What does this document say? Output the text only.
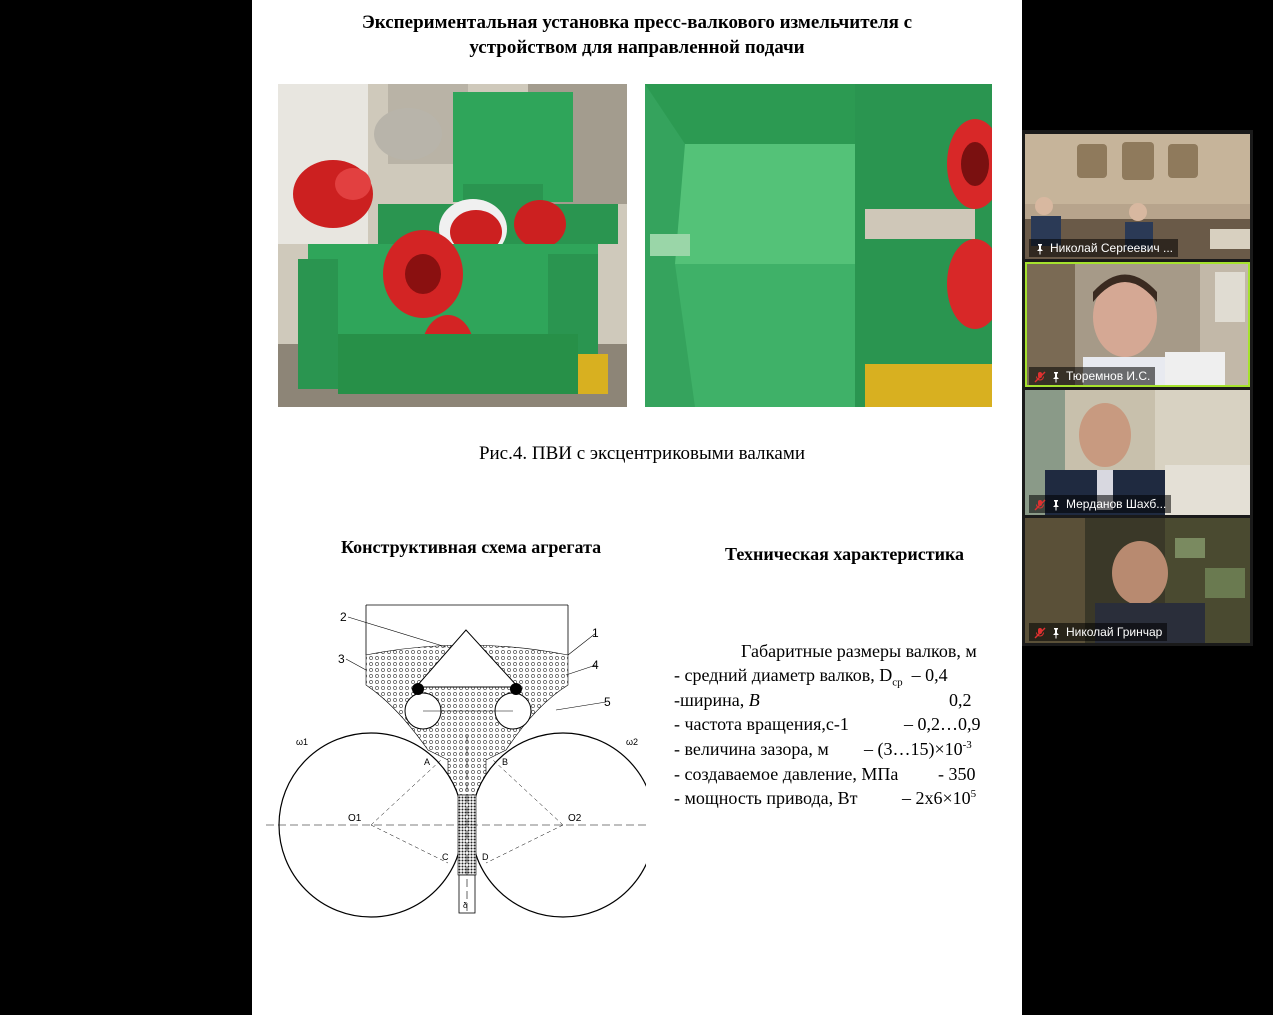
Экспериментальная установка пресс-валкового измельчителя с
устройством для направленной подачи
Рис.4. ПВИ с эксцентриковыми валками
Конструктивная схема агрегата	Техническая характеристика
2
1
3	4
5
O1	O2
ω1	ω2
A	B
C	D
δ
Габаритные размеры валков, м
- средний диаметр валков, $D_{ср} - 0,4$
-ширина, B	0,2
- частота вращения,с-1	– 0,2…0,9
- величина зазора, $м - (3\dots 15)\times 10^{-3}$
- создаваемое давление, МПа - 350
- мощность привода, Вт – $2х6\times 10^5$
Николай Сергеевич ...
Тюремнов И.С.
Мерданов Шахб...
Николай Гринчар
